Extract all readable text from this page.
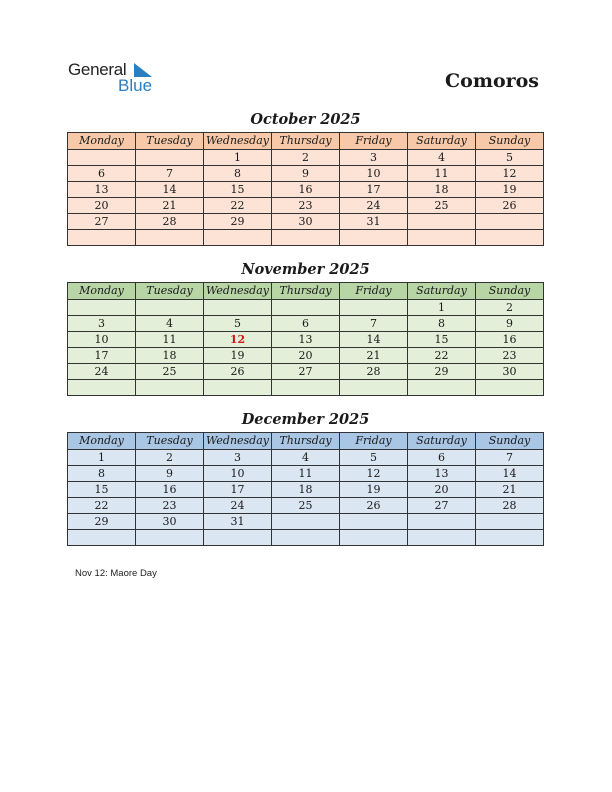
General
Blue	Comoros
October 2025
Monday	Tuesday	Wednesday	Thursday	Friday	Saturday	Sunday
		1	2	3	4	5
6	7	8	9	10	11	12
13	14	15	16	17	18	19
20	21	22	23	24	25	26
27	28	29	30	31		

November 2025
Monday	Tuesday	Wednesday	Thursday	Friday	Saturday	Sunday
					1	2
3	4	5	6	7	8	9
10	11	12	13	14	15	16
17	18	19	20	21	22	23
24	25	26	27	28	29	30

December 2025
Monday	Tuesday	Wednesday	Thursday	Friday	Saturday	Sunday
1	2	3	4	5	6	7
8	9	10	11	12	13	14
15	16	17	18	19	20	21
22	23	24	25	26	27	28
29	30	31				

Nov 12: Maore Day
